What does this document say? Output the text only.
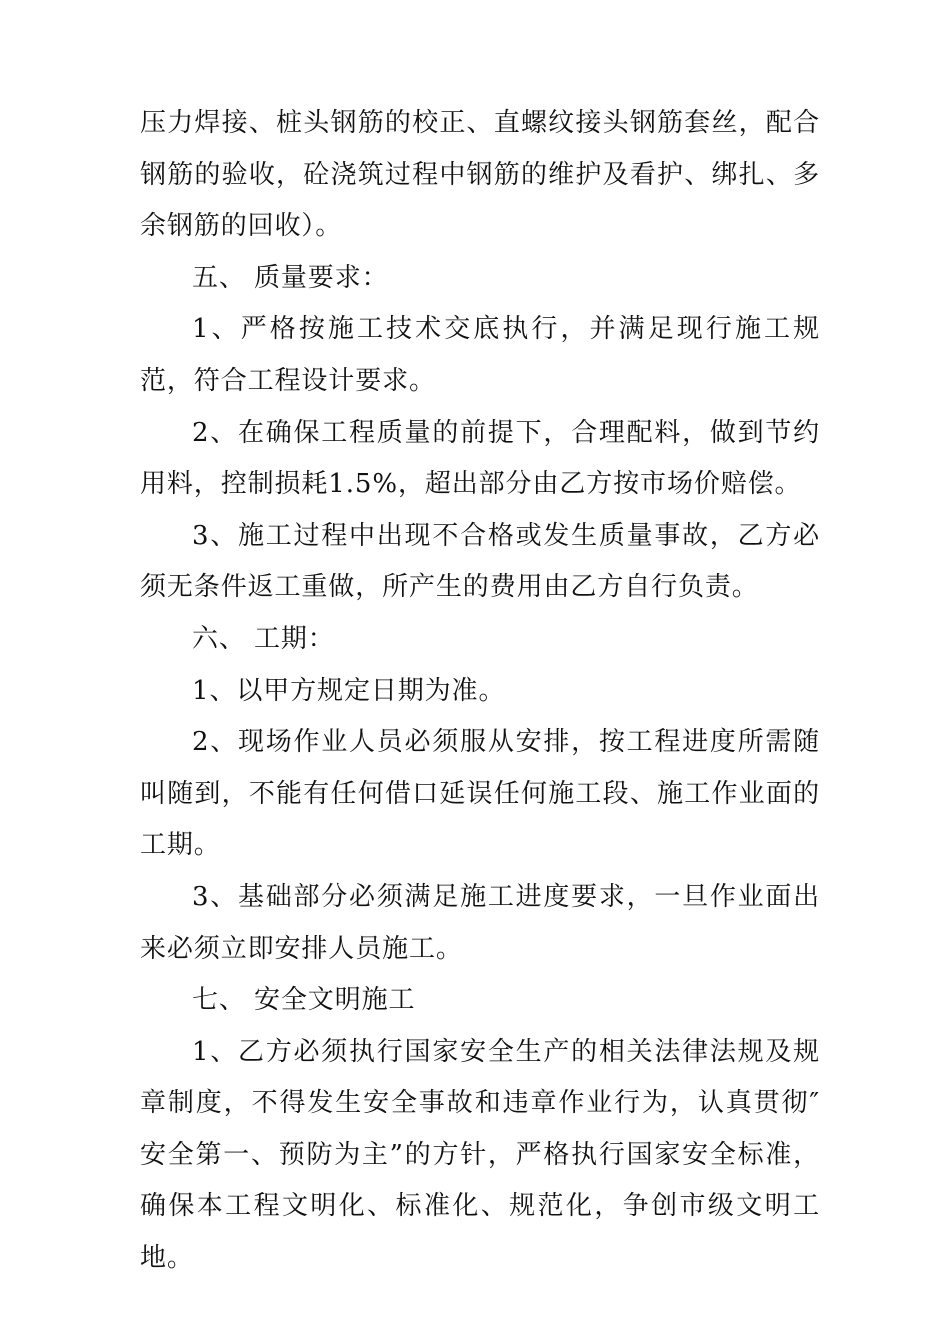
压力焊接、桩头钢筋的校正、直螺纹接头钢筋套丝，配合钢筋的验收，砼浇筑过程中钢筋的维护及看护、绑扎、多余钢筋的回收）。

五、 质量要求：

1、严格按施工技术交底执行，并满足现行施工规范，符合工程设计要求。

2、在确保工程质量的前提下，合理配料，做到节约用料，控制损耗1.5%，超出部分由乙方按市场价赔偿。

3、施工过程中出现不合格或发生质量事故，乙方必须无条件返工重做，所产生的费用由乙方自行负责。

六、 工期：

1、以甲方规定日期为准。

2、现场作业人员必须服从安排，按工程进度所需随叫随到，不能有任何借口延误任何施工段、施工作业面的工期。

3、基础部分必须满足施工进度要求，一旦作业面出来必须立即安排人员施工。

七、 安全文明施工

1、乙方必须执行国家安全生产的相关法律法规及规章制度，不得发生安全事故和违章作业行为，认真贯彻″安全第一、预防为主”的方针，严格执行国家安全标准，确保本工程文明化、标准化、规范化，争创市级文明工地。
